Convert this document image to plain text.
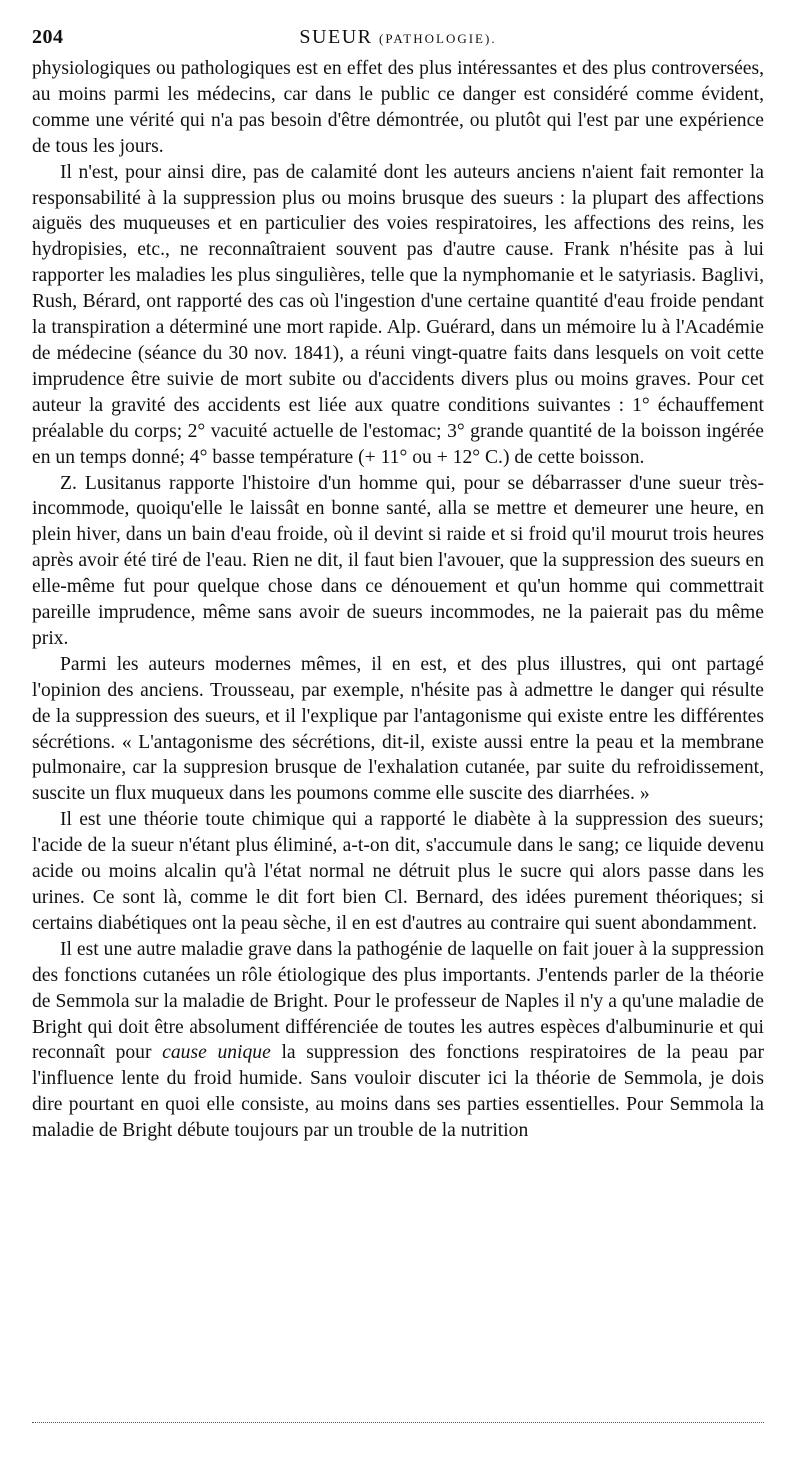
204	SUEUR (PATHOLOGIE).

physiologiques ou pathologiques est en effet des plus intéressantes et des plus controversées, au moins parmi les médecins, car dans le public ce danger est considéré comme évident, comme une vérité qui n'a pas besoin d'être démontrée, ou plutôt qui l'est par une expérience de tous les jours.

Il n'est, pour ainsi dire, pas de calamité dont les auteurs anciens n'aient fait remonter la responsabilité à la suppression plus ou moins brusque des sueurs : la plupart des affections aiguës des muqueuses et en particulier des voies respiratoires, les affections des reins, les hydropisies, etc., ne reconnaîtraient souvent pas d'autre cause. Frank n'hésite pas à lui rapporter les maladies les plus singulières, telle que la nymphomanie et le satyriasis. Baglivi, Rush, Bérard, ont rapporté des cas où l'ingestion d'une certaine quantité d'eau froide pendant la transpiration a déterminé une mort rapide. Alp. Guérard, dans un mémoire lu à l'Académie de médecine (séance du 30 nov. 1841), a réuni vingt-quatre faits dans lesquels on voit cette imprudence être suivie de mort subite ou d'accidents divers plus ou moins graves. Pour cet auteur la gravité des accidents est liée aux quatre conditions suivantes : 1° échauffement préalable du corps; 2° vacuité actuelle de l'estomac; 3° grande quantité de la boisson ingérée en un temps donné; 4° basse température (+ 11° ou + 12° C.) de cette boisson.

Z. Lusitanus rapporte l'histoire d'un homme qui, pour se débarrasser d'une sueur très-incommode, quoiqu'elle le laissât en bonne santé, alla se mettre et demeurer une heure, en plein hiver, dans un bain d'eau froide, où il devint si raide et si froid qu'il mourut trois heures après avoir été tiré de l'eau. Rien ne dit, il faut bien l'avouer, que la suppression des sueurs en elle-même fut pour quelque chose dans ce dénouement et qu'un homme qui commettrait pareille imprudence, même sans avoir de sueurs incommodes, ne la paierait pas du même prix.

Parmi les auteurs modernes mêmes, il en est, et des plus illustres, qui ont partagé l'opinion des anciens. Trousseau, par exemple, n'hésite pas à admettre le danger qui résulte de la suppression des sueurs, et il l'explique par l'antagonisme qui existe entre les différentes sécrétions. « L'antagonisme des sécrétions, dit-il, existe aussi entre la peau et la membrane pulmonaire, car la suppresion brusque de l'exhalation cutanée, par suite du refroidissement, suscite un flux muqueux dans les poumons comme elle suscite des diarrhées. »

Il est une théorie toute chimique qui a rapporté le diabète à la suppression des sueurs; l'acide de la sueur n'étant plus éliminé, a-t-on dit, s'accumule dans le sang; ce liquide devenu acide ou moins alcalin qu'à l'état normal ne détruit plus le sucre qui alors passe dans les urines. Ce sont là, comme le dit fort bien Cl. Bernard, des idées purement théoriques; si certains diabétiques ont la peau sèche, il en est d'autres au contraire qui suent abondamment.

Il est une autre maladie grave dans la pathogénie de laquelle on fait jouer à la suppression des fonctions cutanées un rôle étiologique des plus importants. J'entends parler de la théorie de Semmola sur la maladie de Bright. Pour le professeur de Naples il n'y a qu'une maladie de Bright qui doit être absolument différenciée de toutes les autres espèces d'albuminurie et qui reconnaît pour cause unique la suppression des fonctions respiratoires de la peau par l'influence lente du froid humide. Sans vouloir discuter ici la théorie de Semmola, je dois dire pourtant en quoi elle consiste, au moins dans ses parties essentielles. Pour Semmola la maladie de Bright débute toujours par un trouble de la nutrition
